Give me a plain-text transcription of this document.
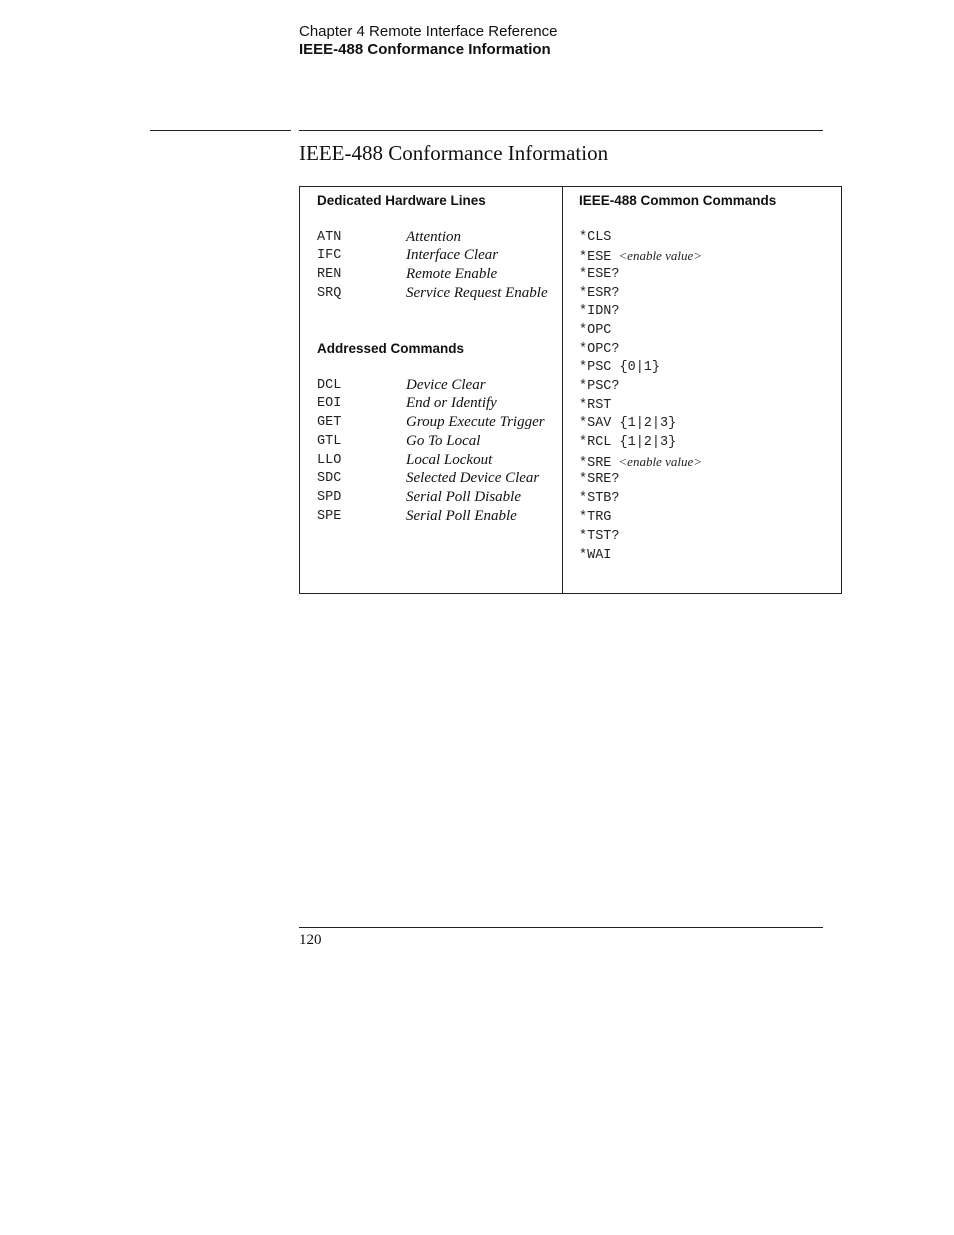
Chapter 4 Remote Interface Reference
IEEE-488 Conformance Information
IEEE-488 Conformance Information
Dedicated Hardware Lines
ATN	Attention
IFC	Interface Clear
REN	Remote Enable
SRQ	Service Request Enable
Addressed Commands
DCL	Device Clear
EOI	End or Identify
GET	Group Execute Trigger
GTL	Go To Local
LLO	Local Lockout
SDC	Selected Device Clear
SPD	Serial Poll Disable
SPE	Serial Poll Enable
IEEE-488 Common Commands
*CLS
*ESE <enable value>
*ESE?
*ESR?
*IDN?
*OPC
*OPC?
*PSC {0|1}
*PSC?
*RST
*SAV {1|2|3}
*RCL {1|2|3}
*SRE <enable value>
*SRE?
*STB?
*TRG
*TST?
*WAI
120
